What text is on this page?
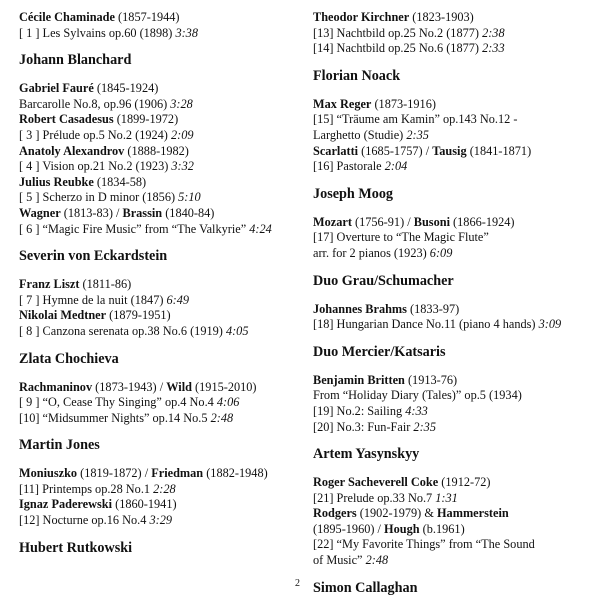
Cécile Chaminade (1857-1944)
[ 1 ] Les Sylvains op.60 (1898) 3:38
Johann Blanchard
Gabriel Fauré (1845-1924)
Barcarolle No.8, op.96 (1906) 3:28
Robert Casadesus (1899-1972)
[ 3 ] Prélude op.5 No.2 (1924) 2:09
Anatoly Alexandrov (1888-1982)
[ 4 ] Vision op.21 No.2 (1923) 3:32
Julius Reubke (1834-58)
[ 5 ] Scherzo in D minor (1856) 5:10
Wagner (1813-83) / Brassin (1840-84)
[ 6 ] “Magic Fire Music” from “The Valkyrie” 4:24
Severin von Eckardstein
Franz Liszt (1811-86)
[ 7 ] Hymne de la nuit (1847) 6:49
Nikolai Medtner (1879-1951)
[ 8 ] Canzona serenata op.38 No.6 (1919) 4:05
Zlata Chochieva
Rachmaninov (1873-1943) / Wild (1915-2010)
[ 9 ] “O, Cease Thy Singing” op.4 No.4 4:06
[10] “Midsummer Nights” op.14 No.5 2:48
Martin Jones
Moniuszko (1819-1872) / Friedman (1882-1948)
[11] Printemps op.28 No.1 2:28
Ignaz Paderewski (1860-1941)
[12] Nocturne op.16 No.4 3:29
Hubert Rutkowski
Theodor Kirchner (1823-1903)
[13] Nachtbild op.25 No.2 (1877) 2:38
[14] Nachtbild op.25 No.6 (1877) 2:33
Florian Noack
Max Reger (1873-1916)
[15] “Träume am Kamin” op.143 No.12 -
Larghetto (Studie) 2:35
Scarlatti (1685-1757) / Tausig (1841-1871)
[16] Pastorale 2:04
Joseph Moog
Mozart (1756-91) / Busoni (1866-1924)
[17] Overture to “The Magic Flute”
arr. for 2 pianos (1923) 6:09
Duo Grau/Schumacher
Johannes Brahms (1833-97)
[18] Hungarian Dance No.11 (piano 4 hands) 3:09
Duo Mercier/Katsaris
Benjamin Britten (1913-76)
From “Holiday Diary (Tales)” op.5 (1934)
[19] No.2: Sailing 4:33
[20] No.3: Fun-Fair 2:35
Artem Yasynskyy
Roger Sacheverell Coke (1912-72)
[21] Prelude op.33 No.7 1:31
Rodgers (1902-1979) & Hammerstein
(1895-1960) / Hough (b.1961)
[22] “My Favorite Things” from “The Sound
of Music” 2:48
Simon Callaghan
2
